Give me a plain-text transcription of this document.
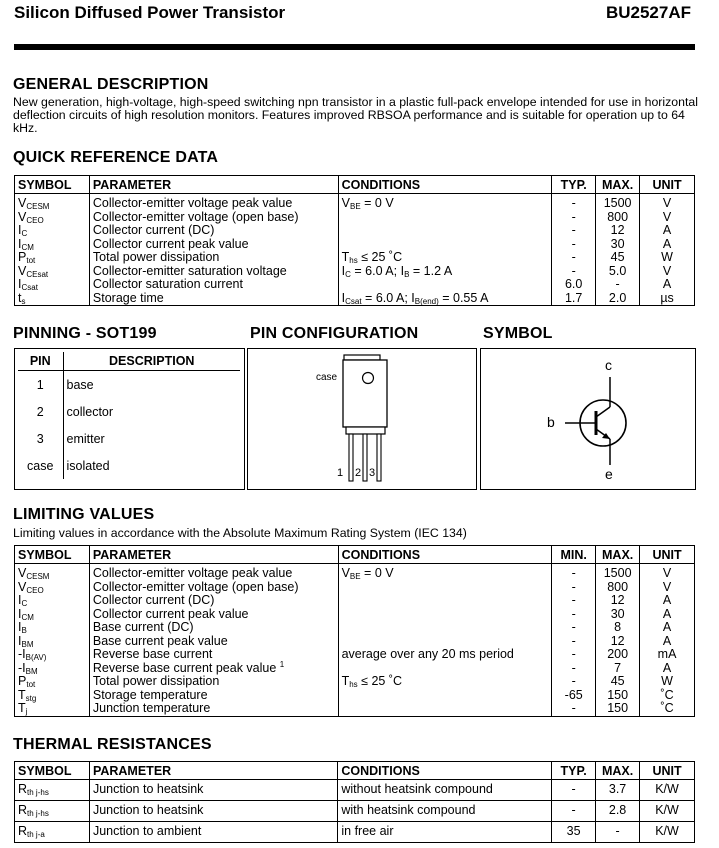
Silicon Diffused Power Transistor	BU2527AF
GENERAL DESCRIPTION
New generation, high-voltage, high-speed switching npn transistor in a plastic full-pack envelope intended for use in horizontal deflection circuits of high resolution monitors. Features improved RBSOA performance and is suitable for operation up to 64 kHz.
QUICK REFERENCE DATA
SYMBOL	PARAMETER	CONDITIONS	TYP.	MAX.	UNIT
$V_{CESM}$	Collector-emitter voltage peak value	$V_{BE} = 0$ V	-	1500	V
$V_{CEO}$	Collector-emitter voltage (open base)		-	800	V
$I_C$	Collector current (DC)		-	12	A
$I_{CM}$	Collector current peak value		-	30	A
$P_{tot}$	Total power dissipation	$T_{hs} \le 25$ ˚C	-	45	W
$V_{CEsat}$	Collector-emitter saturation voltage	$I_C = 6.0$ A; $I_B = 1.2$ A	-	5.0	V
$I_{Csat}$	Collector saturation current		6.0	-	A
$t_s$	Storage time	$I_{Csat} = 6.0$ A; $I_{B(end)} = 0.55$ A	1.7	2.0	µs
PINNING - SOT199	PIN CONFIGURATION	SYMBOL
PIN	DESCRIPTION
1	base
2	collector
3	emitter
case	isolated
case
1 2 3
c
b
e
LIMITING VALUES
Limiting values in accordance with the Absolute Maximum Rating System (IEC 134)
SYMBOL	PARAMETER	CONDITIONS	MIN.	MAX.	UNIT
$V_{CESM}$	Collector-emitter voltage peak value	$V_{BE} = 0$ V	-	1500	V
$V_{CEO}$	Collector-emitter voltage (open base)		-	800	V
$I_C$	Collector current (DC)		-	12	A
$I_{CM}$	Collector current peak value		-	30	A
$I_B$	Base current (DC)		-	8	A
$I_{BM}$	Base current peak value		-	12	A
$-I_{B(AV)}$	Reverse base current	average over any 20 ms period	-	200	mA
$-I_{BM}$	Reverse base current peak value $^1$		-	7	A
$P_{tot}$	Total power dissipation	$T_{hs} \le 25$ ˚C	-	45	W
$T_{stg}$	Storage temperature		-65	150	˚C
$T_j$	Junction temperature		-	150	˚C
THERMAL RESISTANCES
SYMBOL	PARAMETER	CONDITIONS	TYP.	MAX.	UNIT
$R_{th j-hs}$	Junction to heatsink	without heatsink compound	-	3.7	K/W
$R_{th j-hs}$	Junction to heatsink	with heatsink compound	-	2.8	K/W
$R_{th j-a}$	Junction to ambient	in free air	35	-	K/W
